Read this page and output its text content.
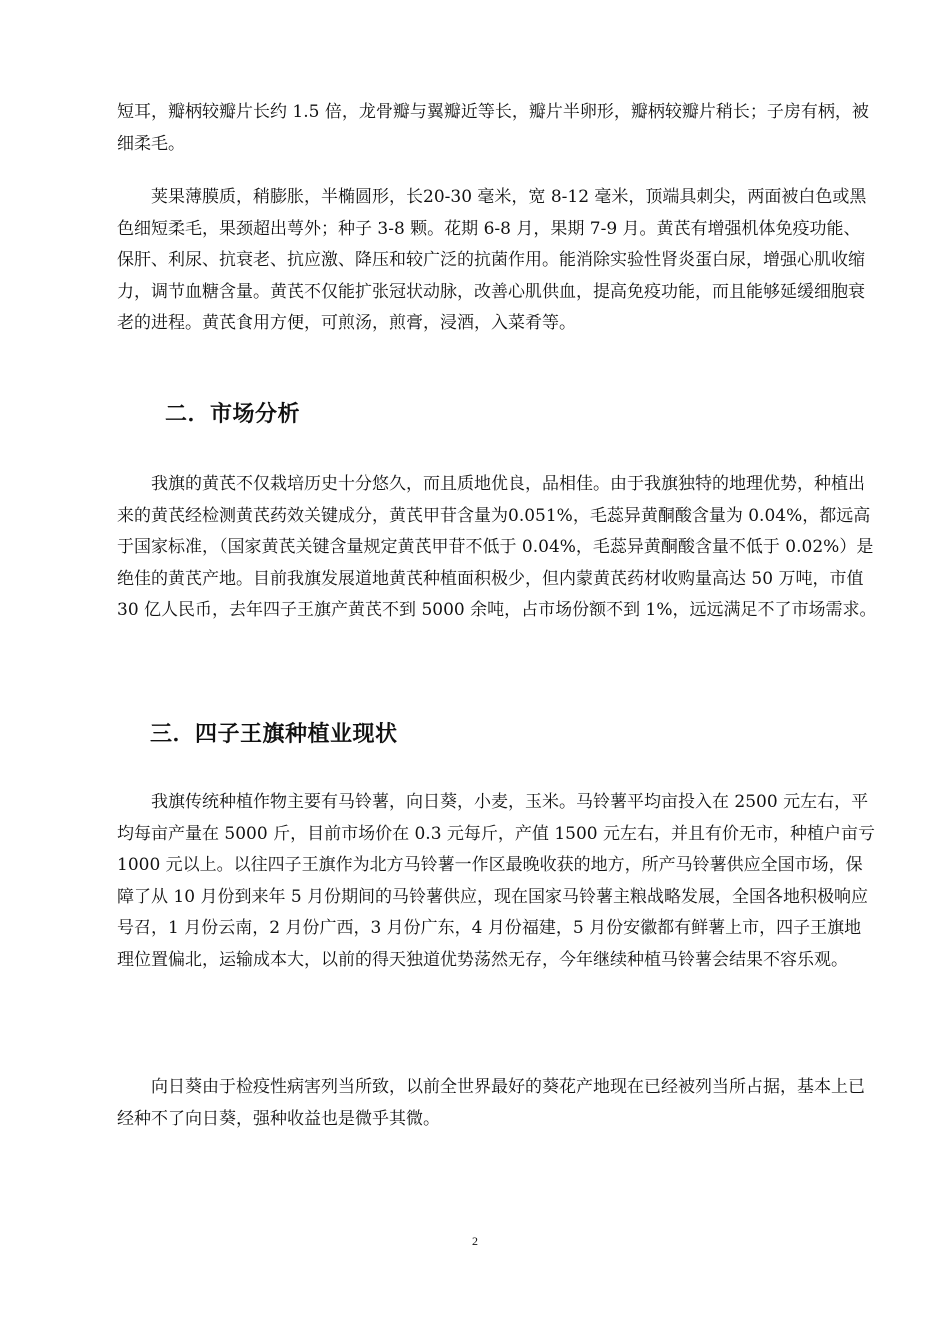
短耳，瓣柄较瓣片长约 1.5 倍，龙骨瓣与翼瓣近等长，瓣片半卵形，瓣柄较瓣片稍长；子房有柄，被细柔毛。

荚果薄膜质，稍膨胀，半椭圆形，长20-30 毫米，宽 8-12 毫米，顶端具刺尖，两面被白色或黑色细短柔毛，果颈超出萼外；种子 3-8 颗。花期 6-8 月，果期 7-9 月。黄芪有增强机体免疫功能、保肝、利尿、抗衰老、抗应激、降压和较广泛的抗菌作用。能消除实验性肾炎蛋白尿，增强心肌收缩力，调节血糖含量。黄芪不仅能扩张冠状动脉，改善心肌供血，提高免疫功能，而且能够延缓细胞衰老的进程。黄芪食用方便，可煎汤，煎膏，浸酒，入菜肴等。

二．市场分析

我旗的黄芪不仅栽培历史十分悠久，而且质地优良，品相佳。由于我旗独特的地理优势，种植出来的黄芪经检测黄芪药效关键成分，黄芪甲苷含量为0.051%，毛蕊异黄酮酸含量为 0.04%，都远高于国家标准，（国家黄芪关键含量规定黄芪甲苷不低于 0.04%，毛蕊异黄酮酸含量不低于 0.02%）是绝佳的黄芪产地。目前我旗发展道地黄芪种植面积极少，但内蒙黄芪药材收购量高达 50 万吨，市值 30 亿人民币，去年四子王旗产黄芪不到 5000 余吨，占市场份额不到 1%，远远满足不了市场需求。

三．四子王旗种植业现状

我旗传统种植作物主要有马铃薯，向日葵，小麦，玉米。马铃薯平均亩投入在 2500 元左右，平均每亩产量在 5000 斤，目前市场价在 0.3 元每斤，产值 1500 元左右，并且有价无市，种植户亩亏 1000 元以上。以往四子王旗作为北方马铃薯一作区最晚收获的地方，所产马铃薯供应全国市场，保障了从 10 月份到来年 5 月份期间的马铃薯供应，现在国家马铃薯主粮战略发展，全国各地积极响应号召，1 月份云南，2 月份广西，3 月份广东，4 月份福建，5 月份安徽都有鲜薯上市，四子王旗地理位置偏北，运输成本大，以前的得天独道优势荡然无存，今年继续种植马铃薯会结果不容乐观。

向日葵由于检疫性病害列当所致，以前全世界最好的葵花产地现在已经被列当所占据，基本上已经种不了向日葵，强种收益也是微乎其微。

2
